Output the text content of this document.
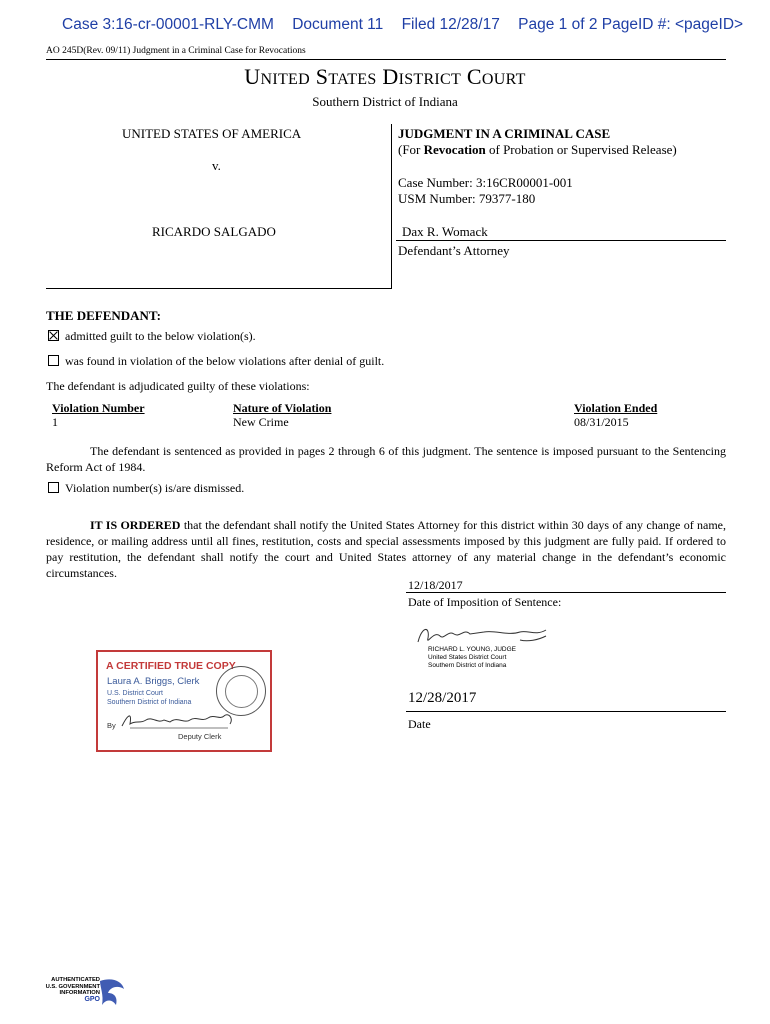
Case 3:16-cr-00001-RLY-CMM Document 11 Filed 12/28/17 Page 1 of 2 PageID #: <pageID>
AO 245D(Rev. 09/11) Judgment in a Criminal Case for Revocations
UNITED STATES DISTRICT COURT
Southern District of Indiana
UNITED STATES OF AMERICA
v.
RICARDO SALGADO
JUDGMENT IN A CRIMINAL CASE
(For Revocation of Probation or Supervised Release)
Case Number: 3:16CR00001-001
USM Number: 79377-180
Dax R. Womack
Defendant’s Attorney
THE DEFENDANT:
admitted guilt to the below violation(s).
was found in violation of the below violations after denial of guilt.
The defendant is adjudicated guilty of these violations:
Violation Number	Nature of Violation	Violation Ended
1	New Crime	08/31/2015
The defendant is sentenced as provided in pages 2 through 6 of this judgment. The sentence is imposed pursuant to the Sentencing Reform Act of 1984.
Violation number(s) is/are dismissed.
IT IS ORDERED that the defendant shall notify the United States Attorney for this district within 30 days of any change of name, residence, or mailing address until all fines, restitution, costs and special assessments imposed by this judgment are fully paid. If ordered to pay restitution, the defendant shall notify the court and United States attorney of any material change in the defendant’s economic circumstances.
12/18/2017
Date of Imposition of Sentence:
RICHARD L. YOUNG, JUDGE
United States District Court
Southern District of Indiana
12/28/2017
Date
A CERTIFIED TRUE COPY
Laura A. Briggs, Clerk
U.S. District Court
Southern District of Indiana
By
Deputy Clerk
AUTHENTICATED
U.S. GOVERNMENT
INFORMATION
GPO
